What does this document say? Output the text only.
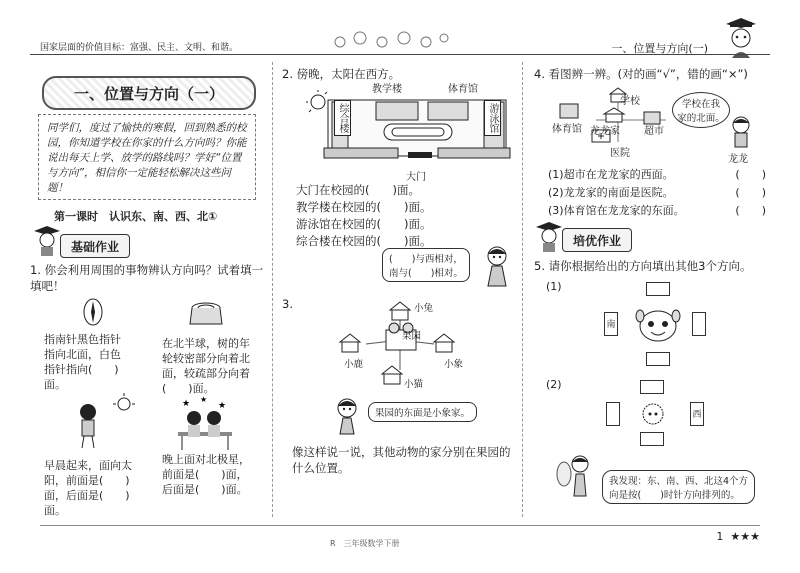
国家层面的价值目标：富强、民主、文明、和谐。	一、位置与方向(一)
一、位置与方向（一）
同学们，度过了愉快的寒假，回到熟悉的校园，你知道学校在你家的什么方向吗？你能说出每天上学、放学的路线吗？学好“位置与方向”，相信你一定能轻松解决这些问题！
第一课时　认识东、南、西、北①
基础作业
1. 你会利用周围的事物辨认方向吗？试着填一填吧！
指南针黑色指针指向北面，白色指针指向(　　)面。
在北半球，树的年轮较密部分向着北面，较疏部分向着(　　)面。
★ ★
★
早晨起来，面向太阳，前面是(　　)面，后面是(　　)面。
晚上面对北极星，前面是(　　)面，后面是(　　)面。
2. 傍晚，太阳在西方。
教学楼	体育馆
综合楼	游泳馆
大门
大门在校园的(　　)面。
教学楼在校园的(　　)面。
游泳馆在校园的(　　)面。
综合楼在校园的(　　)面。
(　　)与西相对，
南与(　　)相对。
3.	小兔
果园
小鹿	小象
小猫
果园的东面是小象家。
像这样说一说，其他动物的家分别在果园的什么位置。
4. 看图辨一辨。(对的画“√”，错的画“×”)
学校
体育馆 龙龙家 超市
医院
学校在我
家的北面。
龙龙
(1)超市在龙龙家的西面。	(　　)
(2)龙龙家的南面是医院。	(　　)
(3)体育馆在龙龙家的东面。	(　　)
培优作业
5. 请你根据给出的方向填出其他3个方向。
(1)
南
(2)
西
我发现：东、南、西、北这4个方
向是按(　　)时针方向排列的。
1 ★★★
R　三年级数学下册
